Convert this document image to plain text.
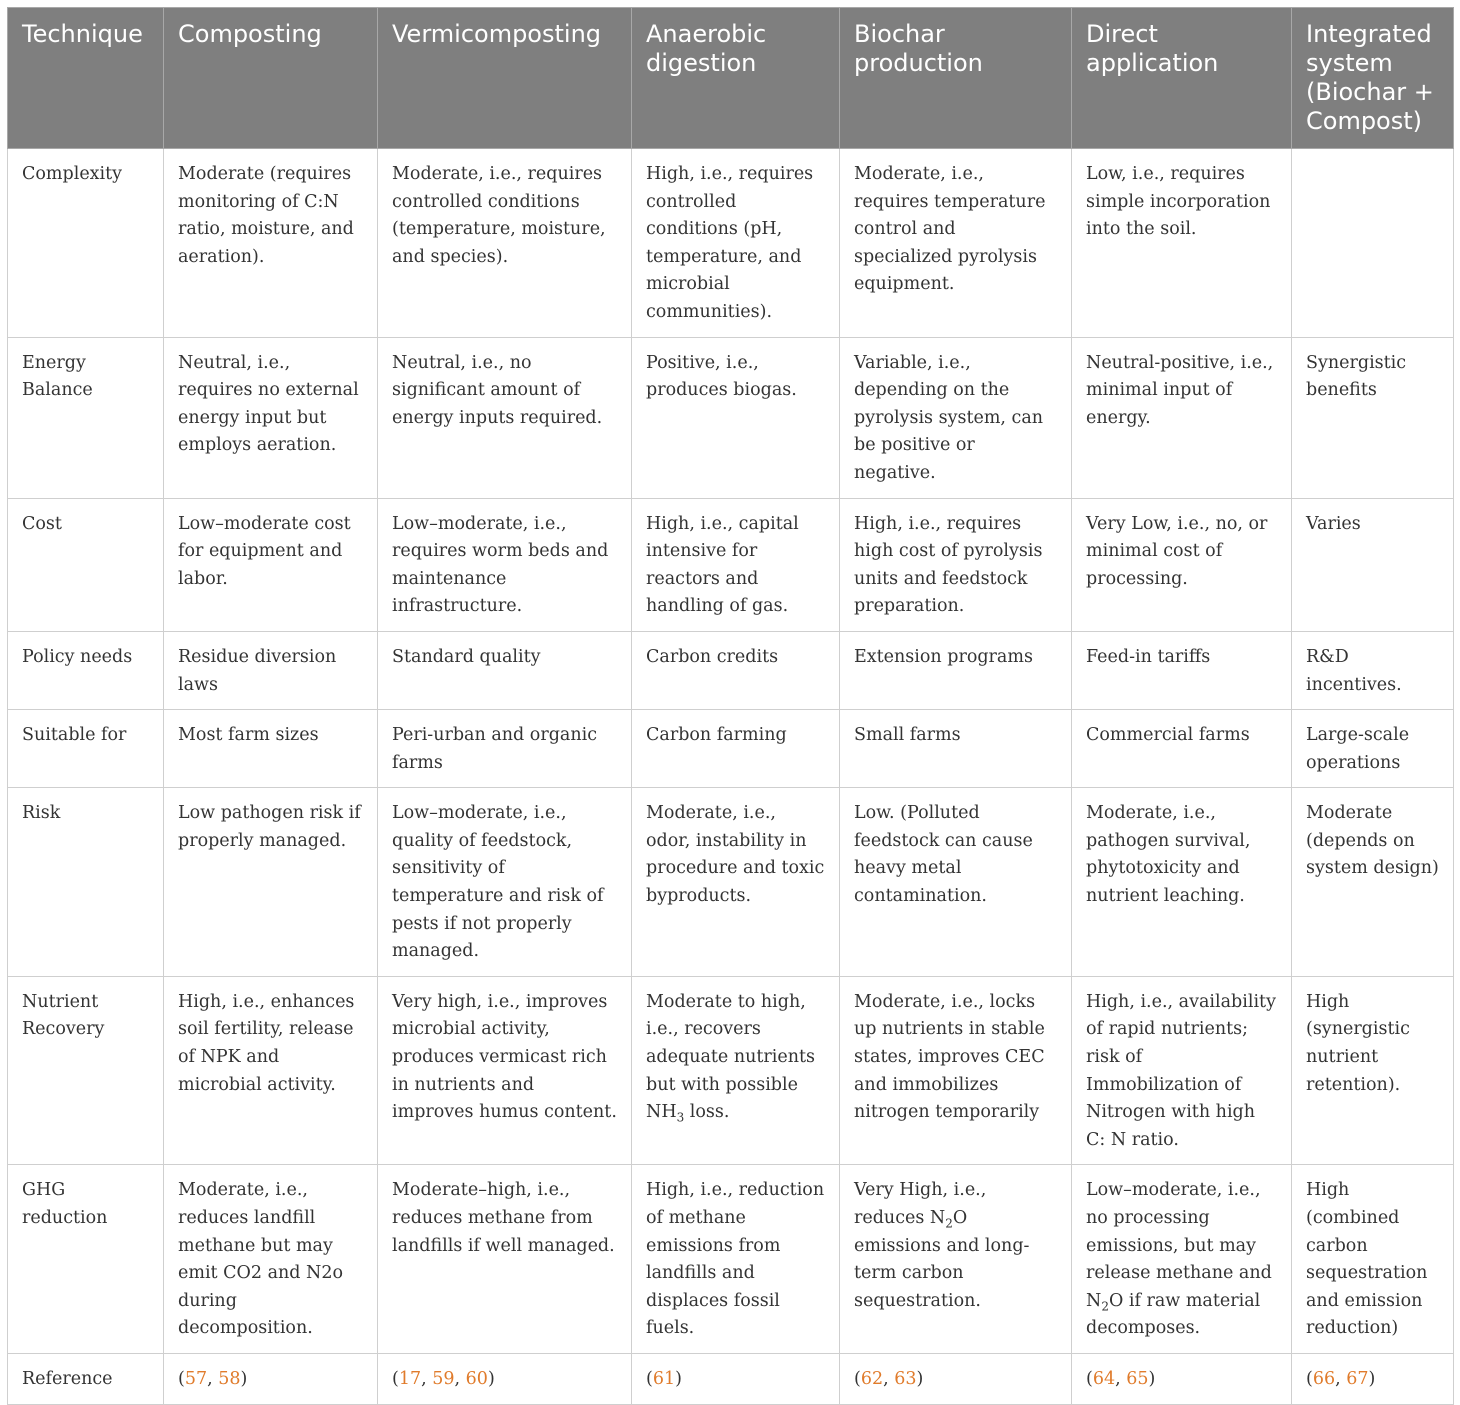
Technique	Composting	Vermicomposting	Anaerobic digestion	Biochar production	Direct application	Integrated system (Biochar + Compost)
Complexity	Moderate (requires monitoring of C:N ratio, moisture, and aeration).	Moderate, i.e., requires controlled conditions (temperature, moisture, and species).	High, i.e., requires controlled conditions (pH, temperature, and microbial communities).	Moderate, i.e., requires temperature control and specialized pyrolysis equipment.	Low, i.e., requires simple incorporation into the soil.	
Energy Balance	Neutral, i.e., requires no external energy input but employs aeration.	Neutral, i.e., no significant amount of energy inputs required.	Positive, i.e., produces biogas.	Variable, i.e., depending on the pyrolysis system, can be positive or negative.	Neutral-positive, i.e., minimal input of energy.	Synergistic benefits
Cost	Low–moderate cost for equipment and labor.	Low–moderate, i.e., requires worm beds and maintenance infrastructure.	High, i.e., capital intensive for reactors and handling of gas.	High, i.e., requires high cost of pyrolysis units and feedstock preparation.	Very Low, i.e., no, or minimal cost of processing.	Varies
Policy needs	Residue diversion laws	Standard quality	Carbon credits	Extension programs	Feed-in tariffs	R&D incentives.
Suitable for	Most farm sizes	Peri-urban and organic farms	Carbon farming	Small farms	Commercial farms	Large-scale operations
Risk	Low pathogen risk if properly managed.	Low–moderate, i.e., quality of feedstock, sensitivity of temperature and risk of pests if not properly managed.	Moderate, i.e., odor, instability in procedure and toxic byproducts.	Low. (Polluted feedstock can cause heavy metal contamination.	Moderate, i.e., pathogen survival, phytotoxicity and nutrient leaching.	Moderate (depends on system design)
Nutrient Recovery	High, i.e., enhances soil fertility, release of NPK and microbial activity.	Very high, i.e., improves microbial activity, produces vermicast rich in nutrients and improves humus content.	Moderate to high, i.e., recovers adequate nutrients but with possible $NH_3$ loss.	Moderate, i.e., locks up nutrients in stable states, improves CEC and immobilizes nitrogen temporarily	High, i.e., availability of rapid nutrients; risk of Immobilization of Nitrogen with high C: N ratio.	High (synergistic nutrient retention).
GHG reduction	Moderate, i.e., reduces landfill methane but may emit CO2 and N2o during decomposition.	Moderate–high, i.e., reduces methane from landfills if well managed.	High, i.e., reduction of methane emissions from landfills and displaces fossil fuels.	Very High, i.e., reduces $N_2O$ emissions and long-term carbon sequestration.	Low–moderate, i.e., no processing emissions, but may release methane and $N_2O$ if raw material decomposes.	High (combined carbon sequestration and emission reduction)
Reference	(57, 58)	(17, 59, 60)	(61)	(62, 63)	(64, 65)	(66, 67)
